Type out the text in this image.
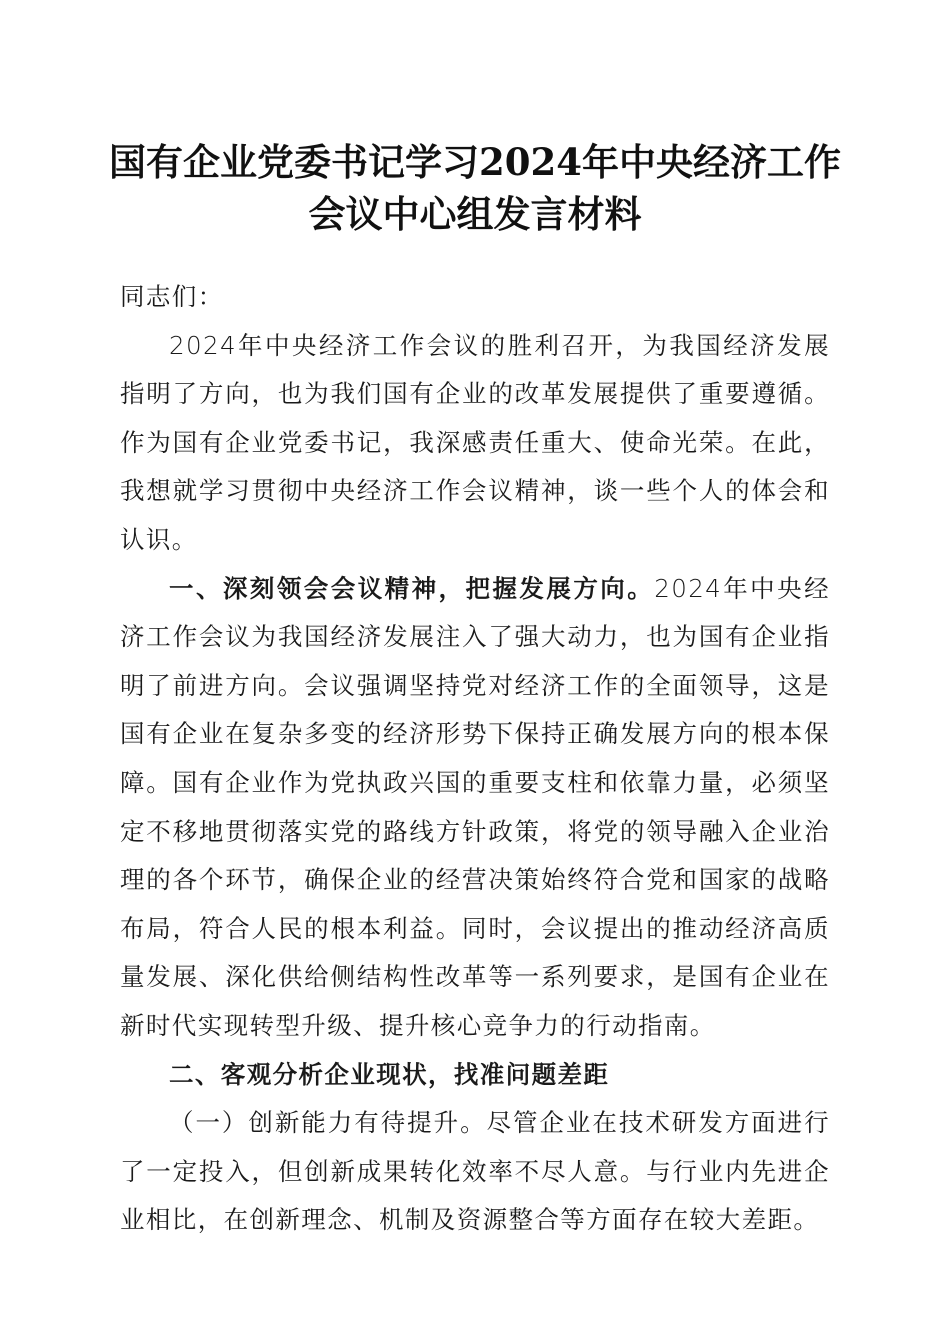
国有企业党委书记学习2024年中央经济工作
会议中心组发言材料

同志们：

2024年中央经济工作会议的胜利召开，为我国经济发展指明了方向，也为我们国有企业的改革发展提供了重要遵循。作为国有企业党委书记，我深感责任重大、使命光荣。在此，我想就学习贯彻中央经济工作会议精神，谈一些个人的体会和认识。

一、深刻领会会议精神，把握发展方向。2024年中央经济工作会议为我国经济发展注入了强大动力，也为国有企业指明了前进方向。会议强调坚持党对经济工作的全面领导，这是国有企业在复杂多变的经济形势下保持正确发展方向的根本保障。国有企业作为党执政兴国的重要支柱和依靠力量，必须坚定不移地贯彻落实党的路线方针政策，将党的领导融入企业治理的各个环节，确保企业的经营决策始终符合党和国家的战略布局，符合人民的根本利益。同时，会议提出的推动经济高质量发展、深化供给侧结构性改革等一系列要求，是国有企业在新时代实现转型升级、提升核心竞争力的行动指南。

二、客观分析企业现状，找准问题差距

（一）创新能力有待提升。尽管企业在技术研发方面进行了一定投入，但创新成果转化效率不尽人意。与行业内先进企业相比，在创新理念、机制及资源整合等方面存在较大差距。
